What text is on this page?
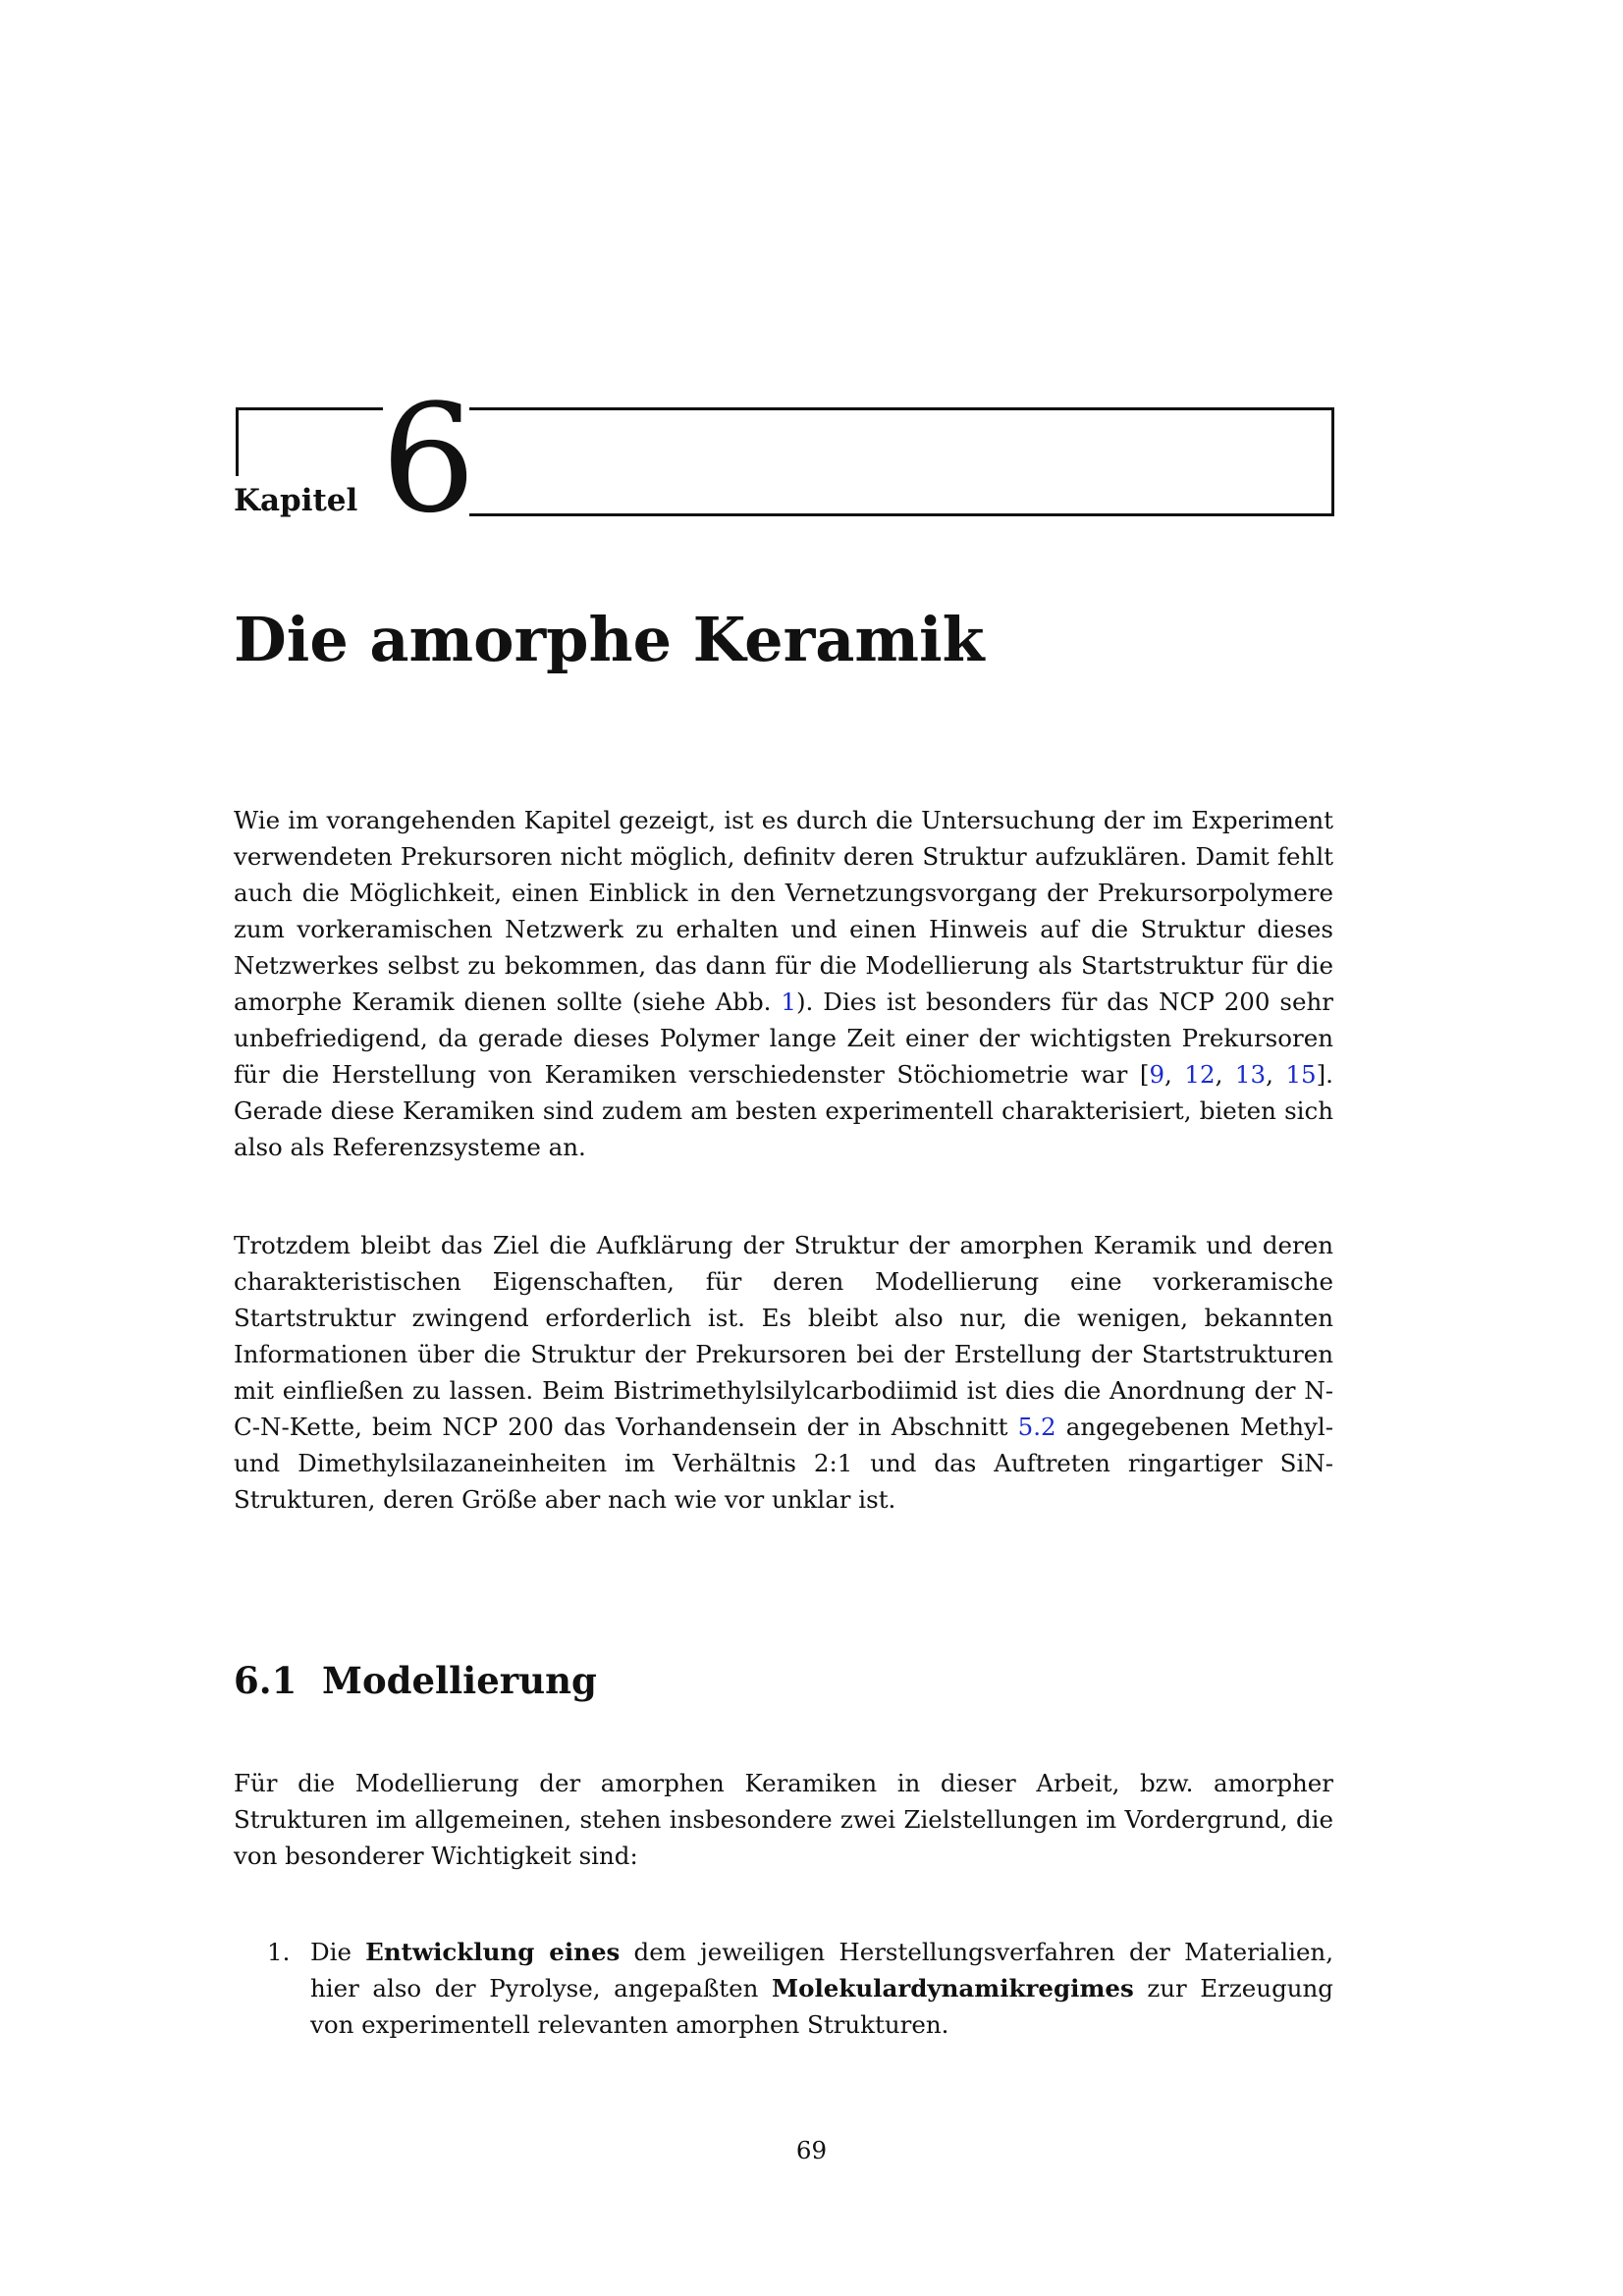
Kapitel 6
Die amorphe Keramik

Wie im vorangehenden Kapitel gezeigt, ist es durch die Untersuchung der im Experiment verwendeten Prekursoren nicht möglich, definitv deren Struktur aufzuklären. Damit fehlt auch die Möglichkeit, einen Einblick in den Vernetzungsvorgang der Prekursorpolymere zum vorkeramischen Netzwerk zu erhalten und einen Hinweis auf die Struktur dieses Netzwerkes selbst zu bekommen, das dann für die Modellierung als Startstruktur für die amorphe Keramik dienen sollte (siehe Abb. 1). Dies ist besonders für das NCP 200 sehr unbefriedigend, da gerade dieses Polymer lange Zeit einer der wichtigsten Prekursoren für die Herstellung von Keramiken verschiedenster Stöchiometrie war [9, 12, 13, 15]. Gerade diese Keramiken sind zudem am besten experimentell charakterisiert, bieten sich also als Referenzsysteme an.

Trotzdem bleibt das Ziel die Aufklärung der Struktur der amorphen Keramik und deren charakteristischen Eigenschaften, für deren Modellierung eine vorkeramische Startstruktur zwingend erforderlich ist. Es bleibt also nur, die wenigen, bekannten Informationen über die Struktur der Prekursoren bei der Erstellung der Startstrukturen mit einfließen zu lassen. Beim Bistrimethylsilylcarbodiimid ist dies die Anordnung der N-C-N-Kette, beim NCP 200 das Vorhandensein der in Abschnitt 5.2 angegebenen Methyl- und Dimethylsilazaneinheiten im Verhältnis 2:1 und das Auftreten ringartiger SiN-Strukturen, deren Größe aber nach wie vor unklar ist.

6.1 Modellierung

Für die Modellierung der amorphen Keramiken in dieser Arbeit, bzw. amorpher Strukturen im allgemeinen, stehen insbesondere zwei Zielstellungen im Vordergrund, die von besonderer Wichtigkeit sind:

1. Die Entwicklung eines dem jeweiligen Herstellungsverfahren der Materialien, hier also der Pyrolyse, angepaßten Molekulardynamikregimes zur Erzeugung von experimentell relevanten amorphen Strukturen.
69
